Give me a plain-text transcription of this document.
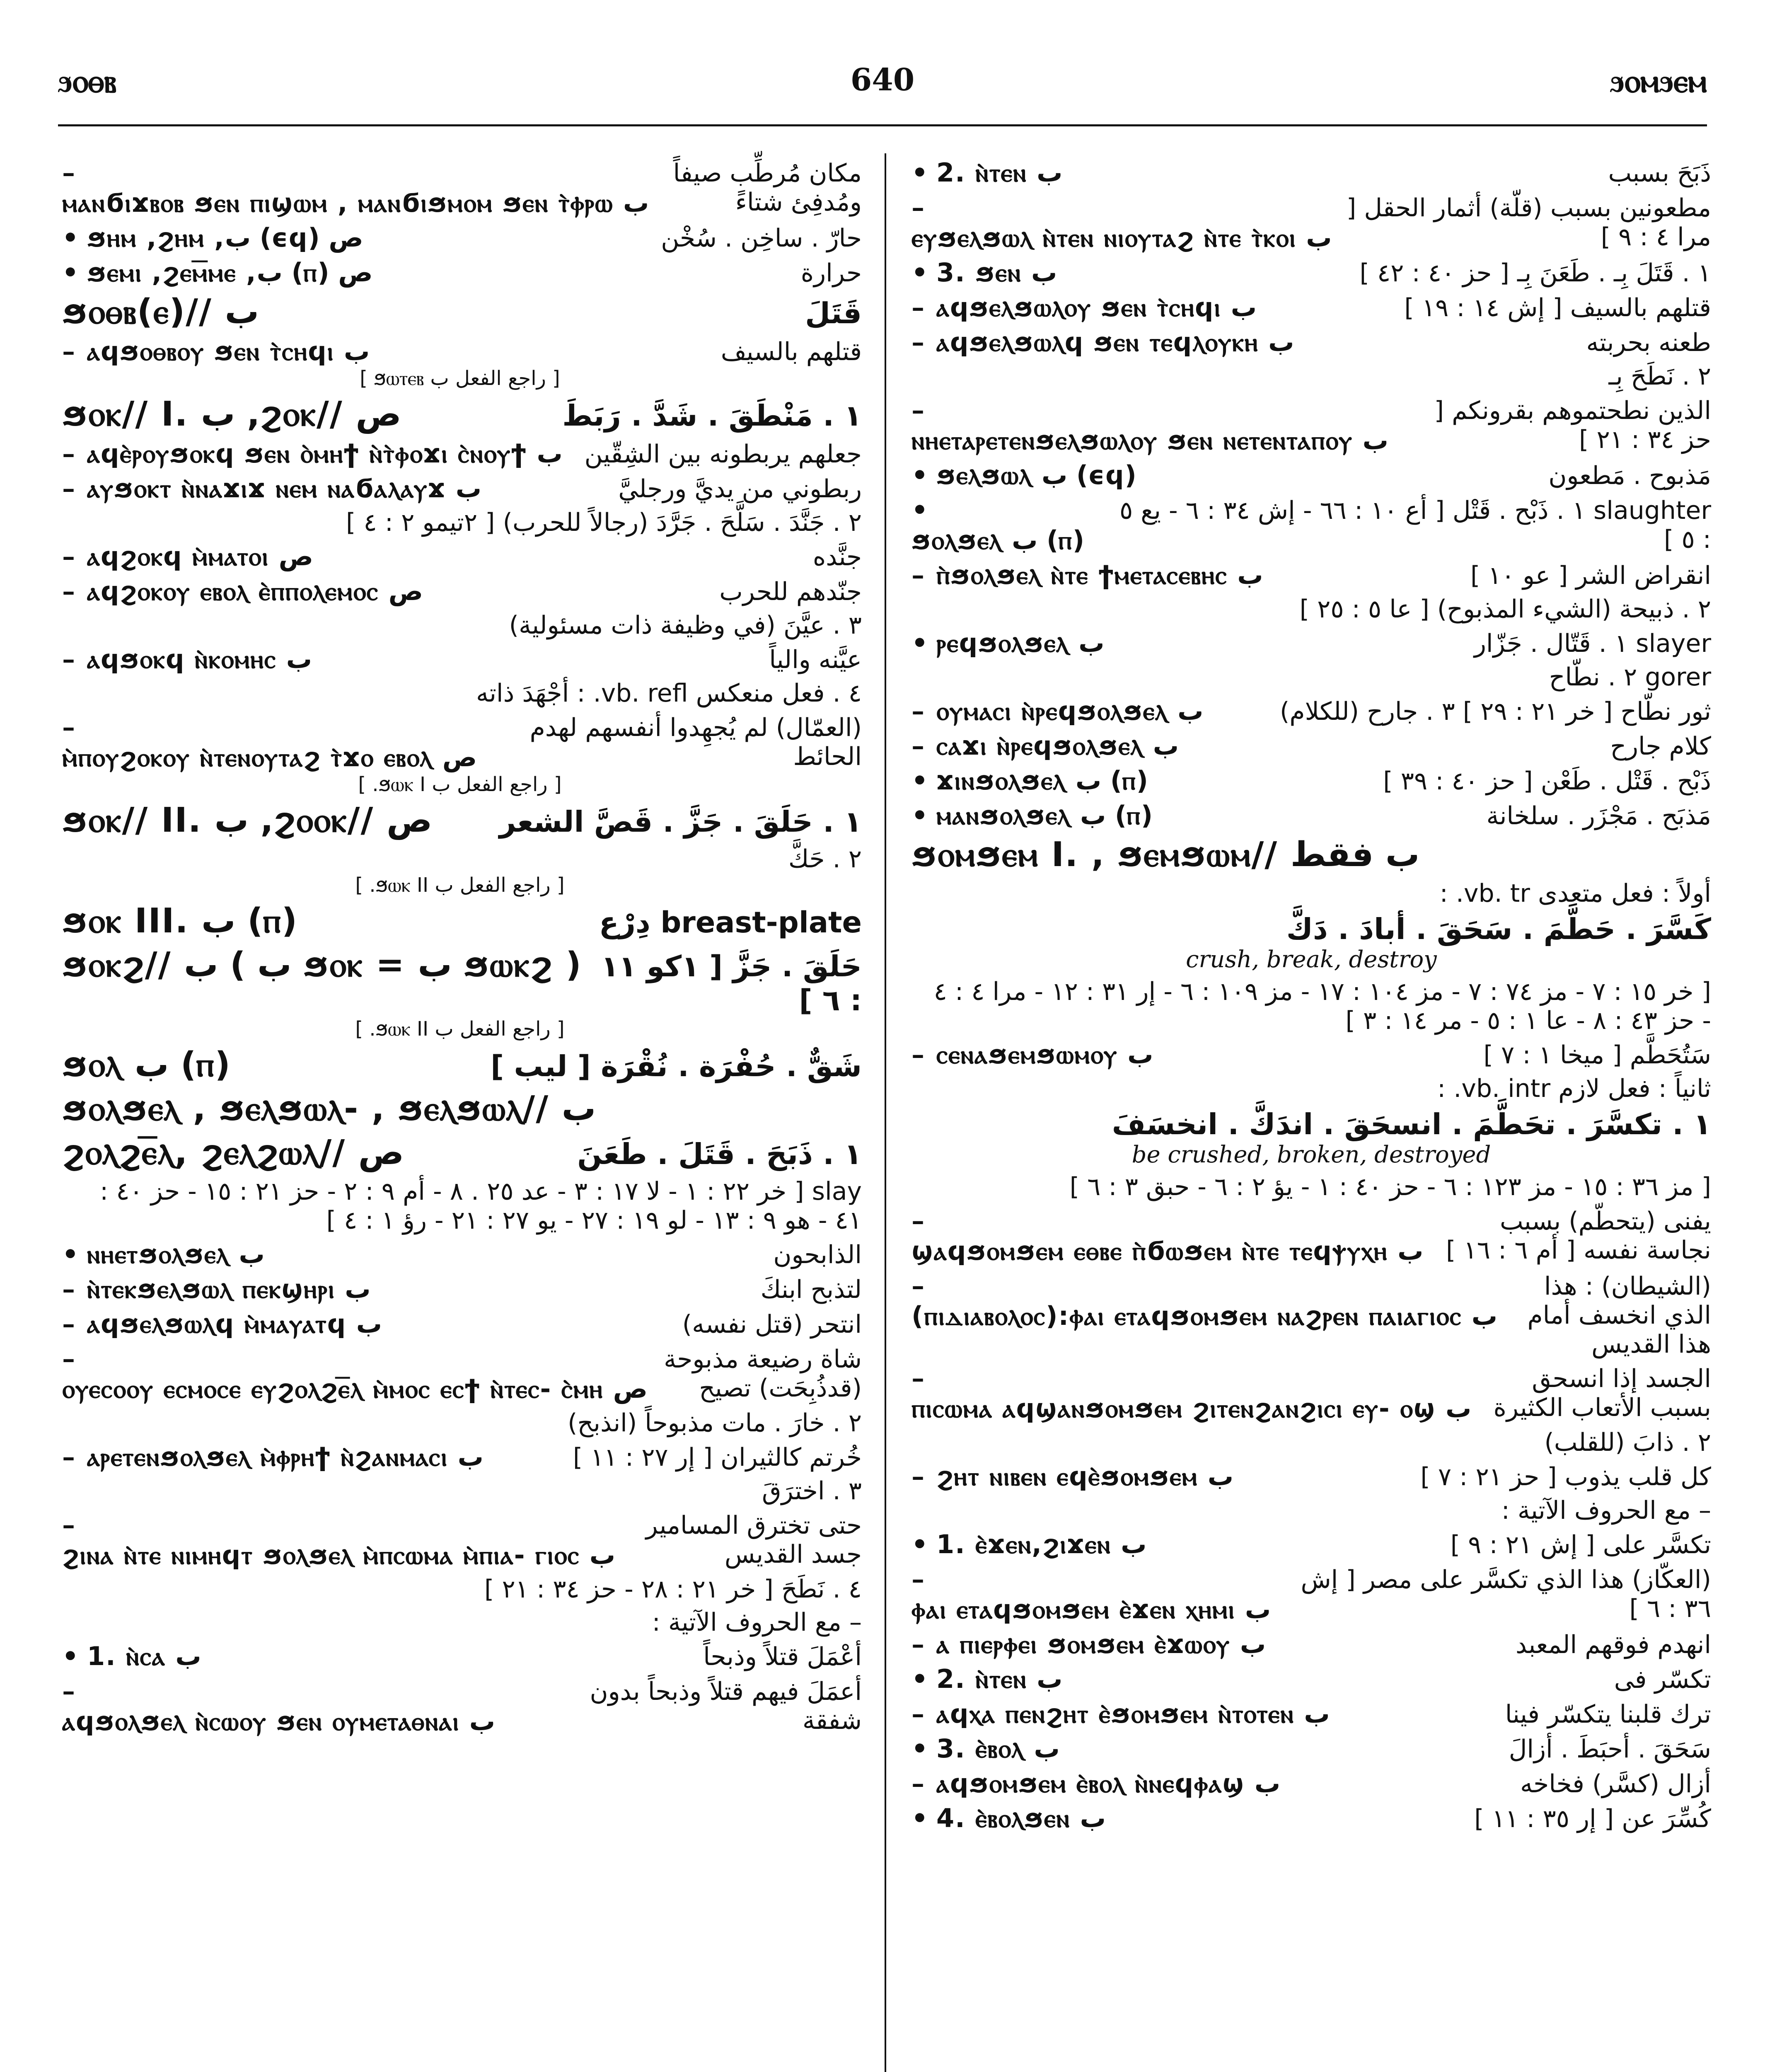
ϧⲟⲑⲃ	640	ϧⲟⲙϧⲉⲙ
–ⲙⲁⲛϭⲓϫⲃⲟⲃ ϧⲉⲛ ⲡⲓϣⲱⲙ , ⲙⲁⲛϭⲓϧⲙⲟⲙ ϧⲉⲛ ⲧ̀ⲫⲣⲱ ب
مكان مُرطِّب صيفاً ومُدفِئ شتاءً
• ϧⲏⲙ ,ϩⲏⲙ ,ب (ϵϥ) ص	حارّ . ساخِن . سُخْن
• ϧⲉⲙⲓ ,ϩⲉⲙ̅ⲙⲉ ,ب (ⲡ) ص	حرارة
ϧⲟⲑⲃ(ⲉ)// ب	قَتَلَ
– ⲁϥϧⲟⲑⲃⲟⲩ ϧⲉⲛ ⲧ̀ⲥⲏϥⲓ ب	قتلهم بالسيف
[ راجع الفعل ب ϧⲱⲧⲉⲃ ]
ϧⲟⲕ// I. ب ,ϩⲟⲕ// ص	١ . مَنْطَقَ . شَدَّ . رَبَطَ
– ⲁϥⲉ̀ⲣⲟⲩϧⲟⲕϥ ϧⲉⲛ ⲟ̀ⲙⲏϯ ⲛ̀ⲧ̀ⲫⲟϫⲓ ⲥ̀ⲛⲟⲩϯ ب جعلهم يربطونه بين الشِقّين
– ⲁⲩϧⲟⲕⲧ ⲛ̀ⲛⲁϫⲓϫ ⲛⲉⲙ ⲛⲁϭⲁⲗⲁⲩϫ ب	ربطوني من يديَّ ورجليَّ
٢ . جَنَّدَ . سَلَّحَ . جَرَّدَ (رجالاً للحرب) [ ٢تيمو ٢ : ٤ ]
– ⲁϥϩⲟⲕϥ ⲙ̀ⲙⲁⲧⲟⲓ ص	جنَّده
– ⲁϥϩⲟⲕⲟⲩ ⲉⲃⲟⲗ ⲉ̀ⲡⲡⲟⲗⲉⲙⲟⲥ ص	جنّدهم للحرب
٣ . عيَّنَ (في وظيفة ذات مسئولية)
– ⲁϥϧⲟⲕϥ ⲛ̀ⲕⲟⲙⲏⲥ ب	عيَّنه والياً
٤ . فعل منعكس vb. refl. : أجْهَدَ ذاته
–ⲙ̀ⲡⲟⲩϩⲟⲕⲟⲩ ⲛ̀ⲧⲉⲛⲟⲩⲧⲁϩ ⲧ̀ϫⲟ ⲉⲃⲟⲗ ص
(العمّال) لم يُجهِدوا أنفسهم لهدم الحائط
[ راجع الفعل ب ϧⲱⲕ I. ]
ϧⲟⲕ// II. ب ,ϩⲟⲟⲕ// ص ١ . حَلَقَ . جَزَّ . قَصَّ الشعر
٢ . حَكَّ
[ راجع الفعل ب ϧⲱⲕ II. ]
ϧⲟⲕ III. ب (ⲡ)	breast-plate دِرْع
ϧⲟⲕϩ// ب ( ب ϧⲟⲕ = ب ϧⲱⲕϩ ) حَلَقَ . جَزَّ [ ١كو ١١ : ٦ ]
[ راجع الفعل ب ϧⲱⲕ II. ]
ϧⲟⲗ ب (ⲡ)	شَقٌّ . حُفْرَة . نُقْرَة [ ليب ]
ϧⲟⲗϧⲉⲗ , ϧⲉⲗϧⲱⲗ- , ϧⲉⲗϧⲱⲗ// ب
ϩⲟⲗϩⲉ̅ⲗ, ϩⲉⲗϩⲱⲗ// ص	١ . ذَبَحَ . قَتَلَ . طَعَنَ
slay [ خر ٢٢ : ١ - لا ١٧ : ٣ - عد ٢٥ . ٨ - أم ٩ : ٢ - حز ٢١ : ١٥ - حز ٤٠ : ٤١ - هو ٩ : ١٣ - لو ١٩ : ٢٧ - يو ٢٧ : ٢١ - رؤ ١ : ٤ ]
• ⲛⲏⲉⲧϧⲟⲗϧⲉⲗ ب	الذابحون
– ⲛ̀ⲧⲉⲕϧⲉⲗϧⲱⲗ ⲡⲉⲕϣⲏⲣⲓ ب	لتذبح ابنكَ
– ⲁϥϧⲉⲗϧⲱⲗϥ ⲙ̀ⲙⲁⲩⲁⲧϥ ب	انتحر (قتل نفسه)
–ⲟⲩⲉⲥⲟⲟⲩ ⲉⲥⲙⲟⲥⲉ ⲉⲩϩⲟⲗϩⲉ̅ⲗ ⲙ̀ⲙⲟⲥ ⲉⲥϯ ⲛ̀ⲧⲉⲥ- ⲥ̀ⲙⲏ ص
شاة رضيعة مذبوحة (قدذُبِحَت) تصيح
٢ . خارَ . مات مذبوحاً (انذبح)
– ⲁⲣⲉⲧⲉⲛϧⲟⲗϧⲉⲗ ⲙ̀ⲫⲣⲏϯ ⲛ̀ϩⲁⲛⲙⲁⲥⲓ ب	خُرتم كالثيران [ إر ٢٧ : ١١ ]
٣ . اخترَقَ
–ϩⲓⲛⲁ ⲛ̀ⲧⲉ ⲛⲓⲙⲏϥⲧ ϧⲟⲗϧⲉⲗ ⲙ̀ⲡⲥⲱⲙⲁ ⲙ̀ⲡⲓⲁ- ⲅⲓⲟⲥ ب
حتى تخترق المسامير جسد القديس
٤ . نَطَحَ [ خر ٢١ : ٢٨ - حز ٣٤ : ٢١ ]
– مع الحروف الآتية :
• 1. ⲛ̀ⲥⲁ ب	أعْمَلَ قتلاً وذبحاً
–ⲁϥϧⲟⲗϧⲉⲗ ⲛ̀ⲥⲱⲟⲩ ϧⲉⲛ ⲟⲩⲙⲉⲧⲁⲑⲛⲁⲓ ب
أعمَلَ فيهم قتلاً وذبحاً بدون شفقة
• 2. ⲛ̀ⲧⲉⲛ ب	ذَبَحَ بسبب
–ⲉⲩϧⲉⲗϧⲱⲗ ⲛ̀ⲧⲉⲛ ⲛⲓⲟⲩⲧⲁϩ ⲛ̀ⲧⲉ ⲧ̀ⲕⲟⲓ ب
مطعونين بسبب (قلّة) أثمار الحقل [ مرا ٤ : ٩ ]
• 3. ϧⲉⲛ ب	١ . قَتَلَ بِـ . طَعَنَ بِـ [ حز ٤٠ : ٤٢ ]
– ⲁϥϧⲉⲗϧⲱⲗⲟⲩ ϧⲉⲛ ⲧ̀ⲥⲏϥⲓ ب	قتلهم بالسيف [ إش ١٤ : ١٩ ]
– ⲁϥϧⲉⲗϧⲱⲗϥ ϧⲉⲛ ⲧⲉϥⲗⲟⲩⲕⲏ ب	طعنه بحربته
٢ . نَطَحَ بِـ
–ⲛⲏⲉⲧⲁⲣⲉⲧⲉⲛϧⲉⲗϧⲱⲗⲟⲩ ϧⲉⲛ ⲛⲉⲧⲉⲛⲧⲁⲡⲟⲩ ب
الذين نطحتموهم بقرونكم [ حز ٣٤ : ٢١ ]
• ϧⲉⲗϧⲱⲗ ب (ϵϥ)	مَذبوح . مَطعون
•ϧⲟⲗϧⲉⲗ ب (ⲡ)
slaughter ١ . ذَبْح . قَتْل [ أع ١٠ : ٦٦ - إش ٣٤ : ٦ - يع ٥ : ٥ ]
– ⲡ̀ϧⲟⲗϧⲉⲗ ⲛ̀ⲧⲉ ϯⲙⲉⲧⲁⲥⲉⲃⲏⲥ ب	انقراض الشر [ عو ١٠ ]
٢ . ذبيحة (الشيء المذبوح) [ عا ٥ : ٢٥ ]
• ⲣⲉϥϧⲟⲗϧⲉⲗ ب	slayer ١ . قَتّال . جَزّار
gorer ٢ . نطّاح
– ⲟⲩⲙⲁⲥⲓ ⲛ̀ⲣⲉϥϧⲟⲗϧⲉⲗ ب	ثور نطّاح [ خر ٢١ : ٢٩ ] ٣ . جارح (للكلام)
– ⲥⲁϫⲓ ⲛ̀ⲣⲉϥϧⲟⲗϧⲉⲗ ب	كلام جارح
• ϫⲓⲛϧⲟⲗϧⲉⲗ ب (ⲡ)	ذَبْح . قَتْل . طَعْن [ حز ٤٠ : ٣٩ ]
• ⲙⲁⲛϧⲟⲗϧⲉⲗ ب (ⲡ)	مَذبَح . مَجْزَر . سلخانة
ϧⲟⲙϧⲉⲙ I. , ϧⲉⲙϧⲱⲙ// ب فقط
أولاً : فعل متعدى vb. tr. :
كَسَّرَ . حَطَّمَ . سَحَقَ . أبادَ . دَكَّ
crush, break, destroy
[ خر ١٥ : ٧ - مز ٧٤ : ٧ - مز ١٠٤ : ١٧ - مز ١٠٩ : ٦ - إر ٣١ : ١٢ - مرا ٤ : ٤ - حز ٤٣ : ٨ - عا ١ : ٥ - مر ١٤ : ٣ ]
– ⲥⲉⲛⲁϧⲉⲙϧⲱⲙⲟⲩ ب	سَتُحَطَّم [ ميخا ١ : ٧ ]
ثانياً : فعل لازم vb. intr. :
١ . تكسَّرَ . تحَطَّمَ . انسحَقَ . اندَكَّ . انخسَفَ
be crushed, broken, destroyed
[ مز ٣٦ : ١٥ - مز ١٢٣ : ٦ - حز ٤٠ : ١ - يؤ ٢ : ٦ - حبق ٣ : ٦ ]
–ϣⲁϥϧⲟⲙϧⲉⲙ ⲉⲑⲃⲉ ⲡ̀ϭⲱϧⲉⲙ ⲛ̀ⲧⲉ ⲧⲉϥⲯⲩⲭⲏ ب
يفنى (يتحطّم) بسبب نجاسة نفسه [ أم ٦ : ١٦ ]
–(ⲡⲓⲇⲓⲁⲃⲟⲗⲟⲥ):ⲫⲁⲓ ⲉⲧⲁϥϧⲟⲙϧⲉⲙ ⲛⲁϩⲣⲉⲛ ⲡⲁⲓⲁⲅⲓⲟⲥ ب
(الشيطان) : هذا الذي انخسف أمام هذا القديس
–ⲡⲓⲥⲱⲙⲁ ⲁϥϣⲁⲛϧⲟⲙϧⲉⲙ ϩⲓⲧⲉⲛϩⲁⲛϩⲓⲥⲓ ⲉⲩ- ⲟϣ ب
الجسد إذا انسحق بسبب الأتعاب الكثيرة
٢ . ذابَ (للقلب)
– ϩⲏⲧ ⲛⲓⲃⲉⲛ ⲉϥⲉ̀ϧⲟⲙϧⲉⲙ ب	كل قلب يذوب [ حز ٢١ : ٧ ]
– مع الحروف الآتية :
• 1. ⲉ̀ϫⲉⲛ,ϩⲓϫⲉⲛ ب	تكسَّر على [ إش ٢١ : ٩ ]
–ⲫⲁⲓ ⲉⲧⲁϥϧⲟⲙϧⲉⲙ ⲉ̀ϫⲉⲛ ⲭⲏⲙⲓ ب
(العكّاز) هذا الذي تكسَّر على مصر [ إش ٣٦ : ٦ ]
– ⲁ ⲡⲓⲉⲣⲫⲉⲓ ϧⲟⲙϧⲉⲙ ⲉ̀ϫⲱⲟⲩ ب	انهدم فوقهم المعبد
• 2. ⲛ̀ⲧⲉⲛ ب	تكسّر فى
– ⲁϥⲭⲁ ⲡⲉⲛϩⲏⲧ ⲉ̀ϧⲟⲙϧⲉⲙ ⲛ̀ⲧⲟⲧⲉⲛ ب	ترك قلبنا يتكسّر فينا
• 3. ⲉ̀ⲃⲟⲗ ب	سَحَقَ . أحبَطَ . أزالَ
– ⲁϥϧⲟⲙϧⲉⲙ ⲉ̀ⲃⲟⲗ ⲛ̀ⲛⲉϥⲫⲁϣ ب	أزال (كسَّر) فخاخه
• 4. ⲉ̀ⲃⲟⲗϧⲉⲛ ب	كُسِّرَ عن [ إر ٣٥ : ١١ ]
